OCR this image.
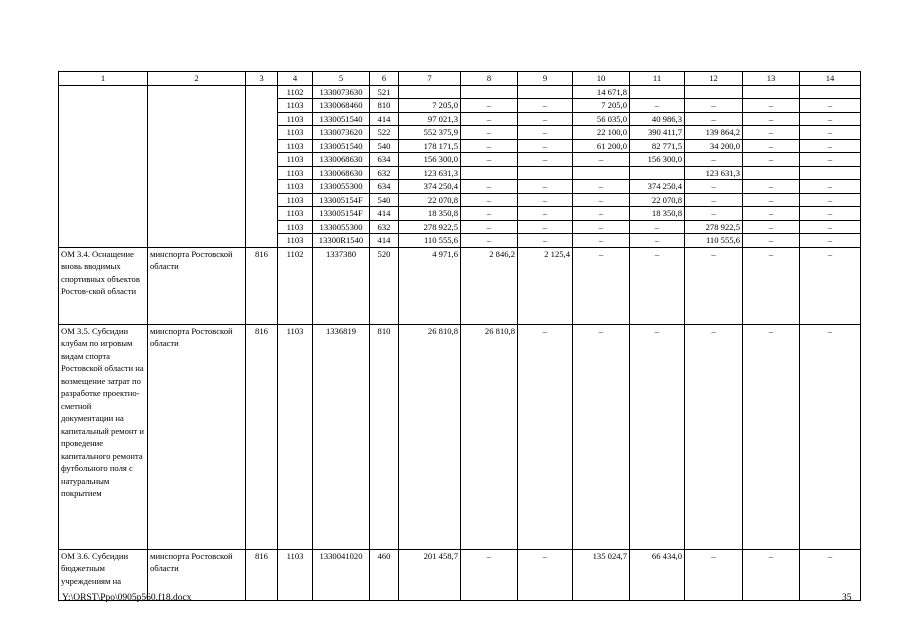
1	2	3	4	5	6	7	8	9	10	11	12	13	14
			1102	1330073630	521				14 671,8				
			1103	1330068460	810	7 205,0	–	–	7 205,0	–	–	–	–
			1103	1330051540	414	97 021,3	–	–	56 035,0	40 986,3	–	–	–
			1103	1330073620	522	552 375,9	–	–	22 100,0	390 411,7	139 864,2	–	–
			1103	1330051540	540	178 171,5	–	–	61 200,0	82 771,5	34 200,0	–	–
			1103	1330068630	634	156 300,0	–	–	–	156 300,0	–	–	–
			1103	1330068630	632	123 631,3					123 631,3		
			1103	1330055300	634	374 250,4	–	–	–	374 250,4	–	–	–
			1103	133005154F	540	22 070,8	–	–	–	22 070,8	–	–	–
			1103	133005154F	414	18 350,8	–	–	–	18 350,8	–	–	–
			1103	1330055300	632	278 922,5	–	–	–	–	278 922,5	–	–
			1103	13300R1540	414	110 555,6	–	–	–	–	110 555,6	–	–
ОМ 3.4. Оснащение вновь вводимых спортивных объектов Ростов-ской области	минспорта Ростовской области	816	1102	1337380	520	4 971,6	2 846,2	2 125,4	–	–	–	–	–
ОМ 3.5. Субсидии клубам по игровым видам спорта Ростовской области на возмещение затрат по разработке проектно-сметной документации на капитальный ремонт и проведение капитального ремонта футбольного поля с натуральным покрытием	минспорта Ростовской области	816	1103	1336819	810	26 810,8	26 810,8	–	–	–	–	–	–
ОМ 3.6. Субсидии бюджетным учреждениям на	минспорта Ростовской области	816	1103	1330041020	460	201 458,7	–	–	135 024,7	66 434,0	–	–	–
Y:\ORST\Ppo\0905p560.f18.docx	35
